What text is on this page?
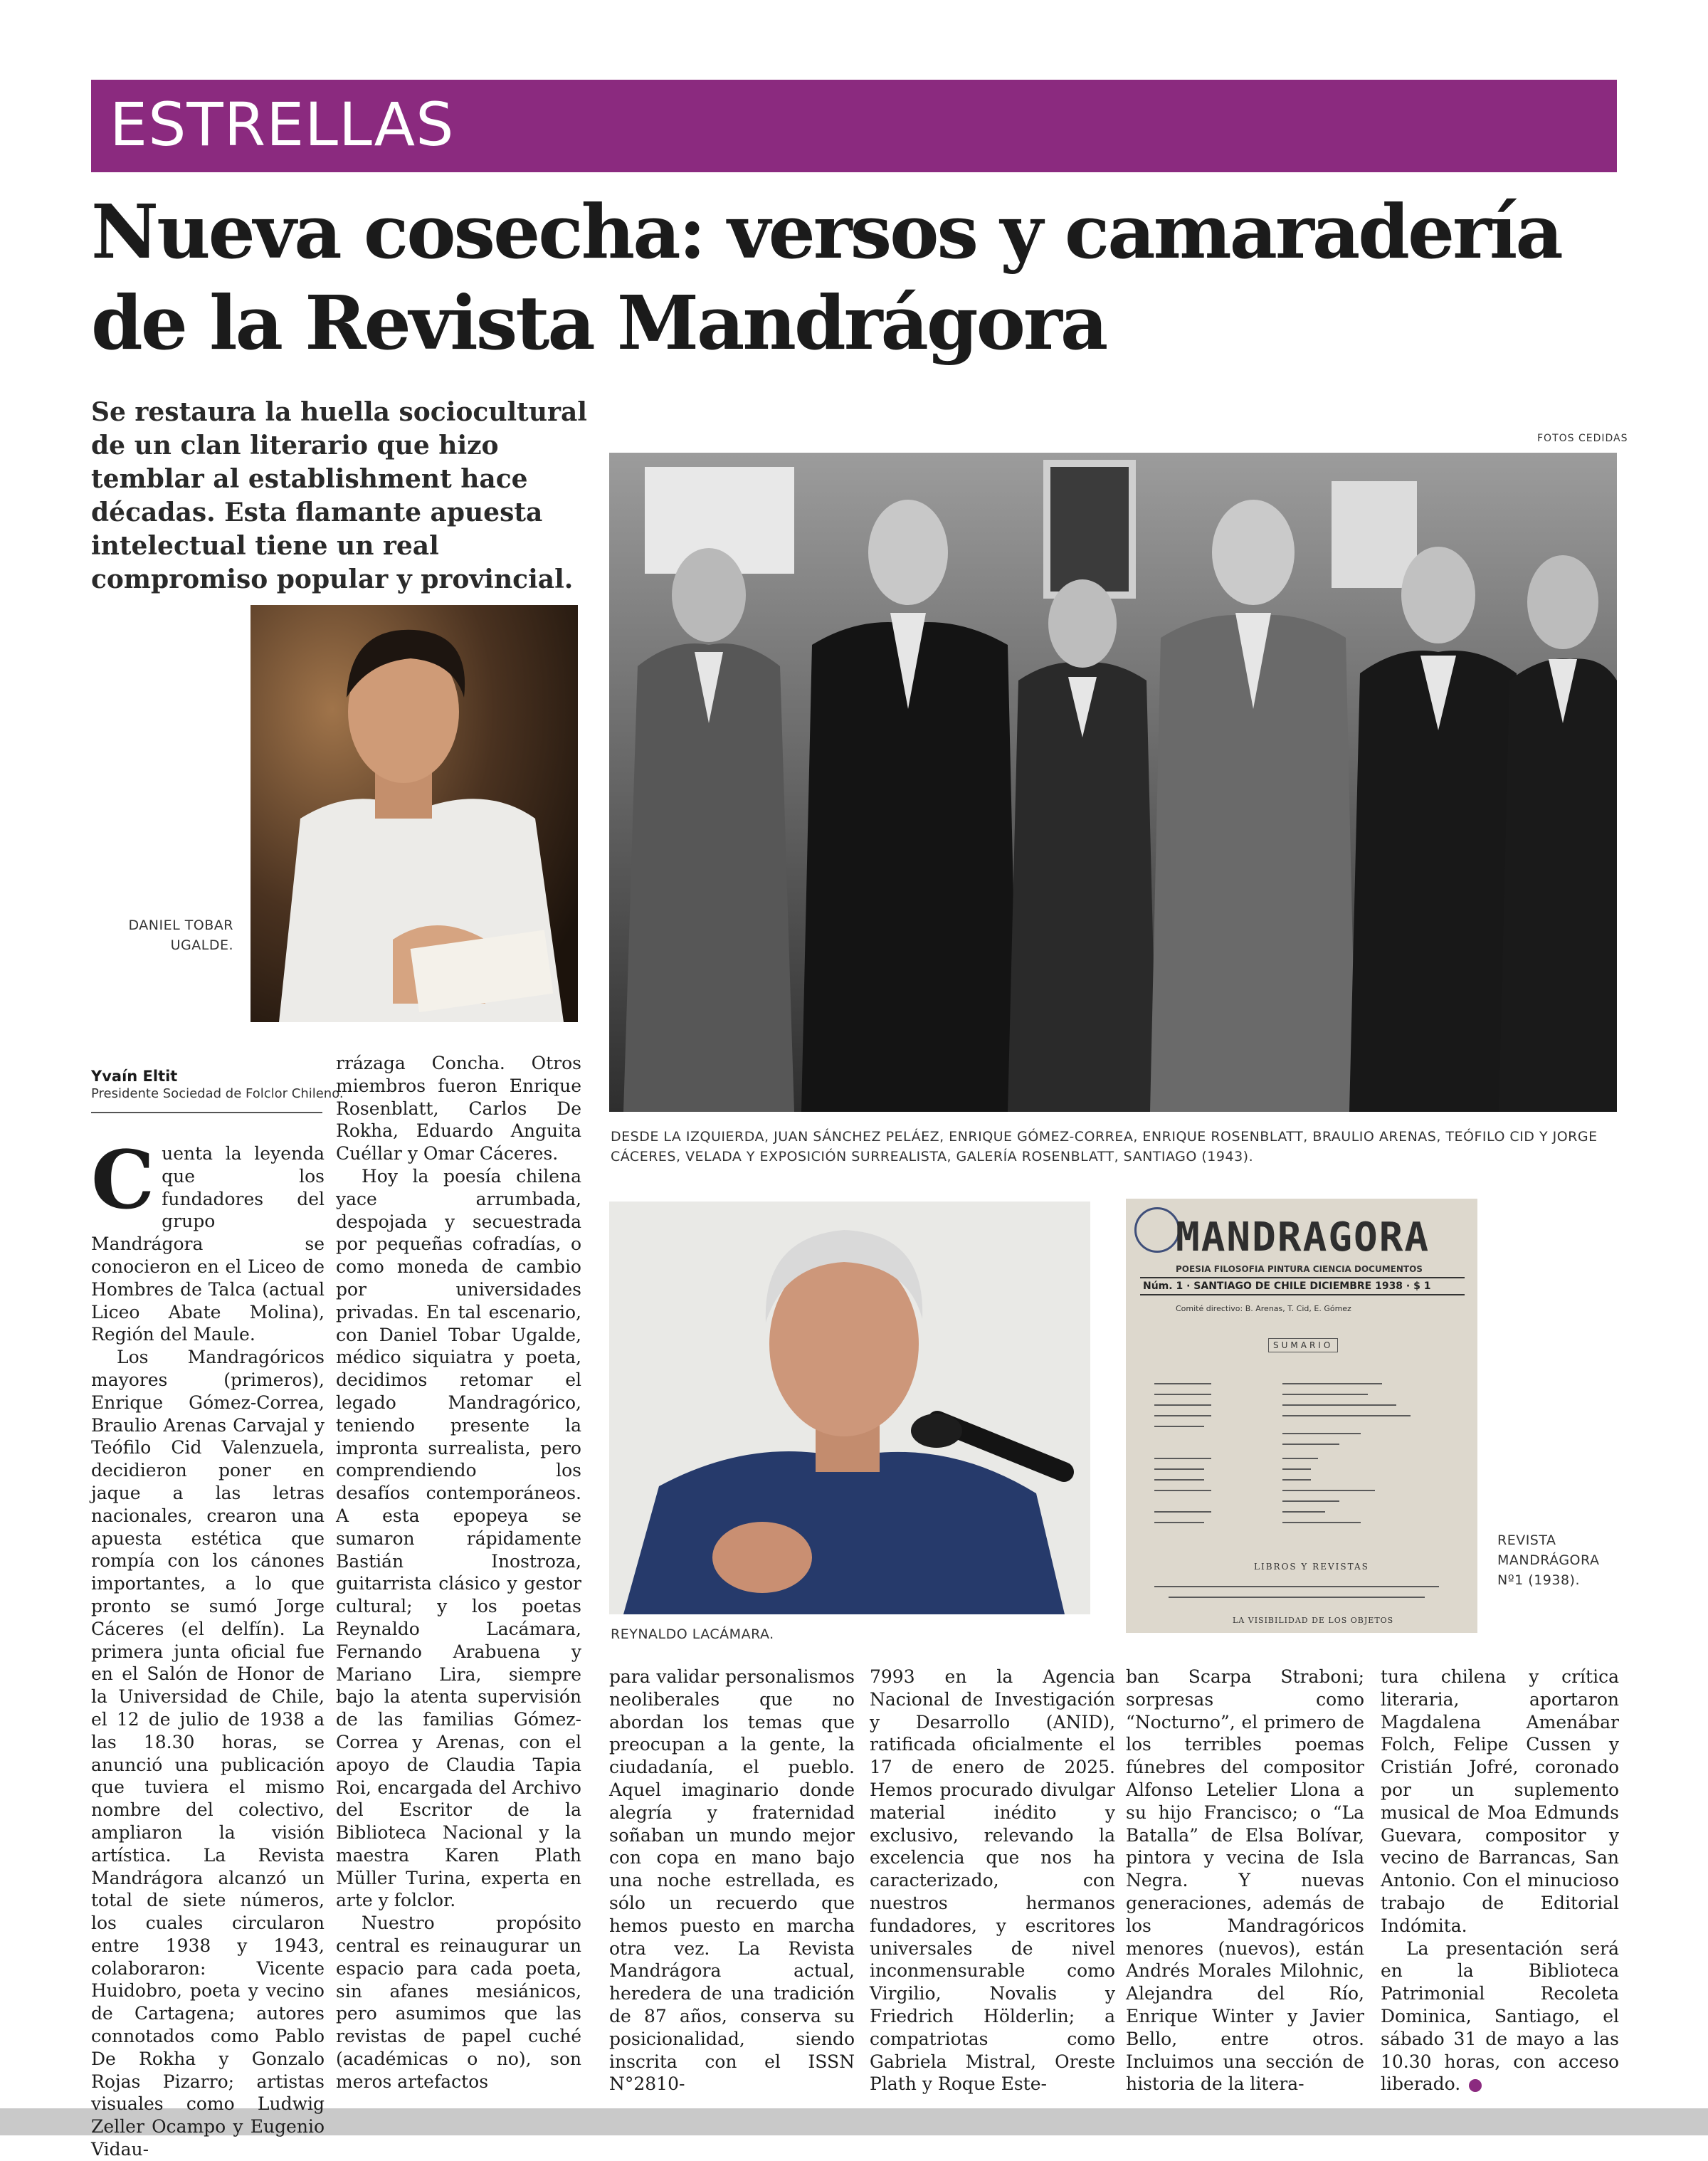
ESTRELLAS
Nueva cosecha: versos y camaradería
de la Revista Mandrágora

Se restaura la huella sociocultural de un clan literario que hizo temblar al establishment hace décadas. Esta flamante apuesta intelectual tiene un real compromiso popular y provincial.

FOTOS CEDIDAS
DANIEL TOBAR
UGALDE.
DESDE LA IZQUIERDA, JUAN SÁNCHEZ PELÁEZ, ENRIQUE GÓMEZ-CORREA, ENRIQUE ROSENBLATT, BRAULIO ARENAS, TEÓFILO CID Y JORGE
CÁCERES, VELADA Y EXPOSICIÓN SURREALISTA, GALERÍA ROSENBLATT, SANTIAGO (1943).
REYNALDO LACÁMARA.
MANDRAGORA
POESIA FILOSOFIA PINTURA CIENCIA DOCUMENTOS
Núm. 1 · SANTIAGO DE CHILE DICIEMBRE 1938 · $ 1
Comité directivo: B. Arenas, T. Cid, E. Gómez
SUMARIO
LIBROS Y REVISTAS
LA VISIBILIDAD DE LOS OBJETOS
REVISTA
MANDRÁGORA
Nº1 (1938).
Yvaín Eltit
Presidente Sociedad de Folclor Chileno.

Cuenta la leyenda que los fundadores del grupo Mandrágora se conocieron en el Liceo de Hombres de Talca (actual Liceo Abate Molina), Región del Maule.

Los Mandragóricos mayores (primeros), Enrique Gómez-Correa, Braulio Arenas Carvajal y Teófilo Cid Valenzuela, decidieron poner en jaque a las letras nacionales, crearon una apuesta estética que rompía con los cánones importantes, a lo que pronto se sumó Jorge Cáceres (el delfín). La primera junta oficial fue en el Salón de Honor de la Universidad de Chile, el 12 de julio de 1938 a las 18.30 horas, se anunció una publicación que tuviera el mismo nombre del colectivo, ampliaron la visión artística. La Revista Mandrágora alcanzó un total de siete números, los cuales circularon entre 1938 y 1943, colaboraron: Vicente Huidobro, poeta y vecino de Cartagena; autores connotados como Pablo De Rokha y Gonzalo Rojas Pizarro; artistas visuales como Ludwig Zeller Ocampo y Eugenio Vidau-

rrázaga Concha. Otros miembros fueron Enrique Rosenblatt, Carlos De Rokha, Eduardo Anguita Cuéllar y Omar Cáceres.

Hoy la poesía chilena yace arrumbada, despojada y secuestrada por pequeñas cofradías, o como moneda de cambio por universidades privadas. En tal escenario, con Daniel Tobar Ugalde, médico siquiatra y poeta, decidimos retomar el legado Mandragórico, teniendo presente la impronta surrealista, pero comprendiendo los desafíos contemporáneos. A esta epopeya se sumaron rápidamente Bastián Inostroza, guitarrista clásico y gestor cultural; y los poetas Reynaldo Lacámara, Fernando Arabuena y Mariano Lira, siempre bajo la atenta supervisión de las familias Gómez-Correa y Arenas, con el apoyo de Claudia Tapia Roi, encargada del Archivo del Escritor de la Biblioteca Nacional y la maestra Karen Plath Müller Turina, experta en arte y folclor.

Nuestro propósito central es reinaugurar un espacio para cada poeta, sin afanes mesiánicos, pero asumimos que las revistas de papel cuché (académicas o no), son meros artefactos

para validar personalismos neoliberales que no abordan los temas que preocupan a la gente, la ciudadanía, el pueblo. Aquel imaginario donde alegría y fraternidad soñaban un mundo mejor con copa en mano bajo una noche estrellada, es sólo un recuerdo que hemos puesto en marcha otra vez. La Revista Mandrágora actual, heredera de una tradición de 87 años, conserva su posicionalidad, siendo inscrita con el ISSN N°2810-

7993 en la Agencia Nacional de Investigación y Desarrollo (ANID), ratificada oficialmente el 17 de enero de 2025. Hemos procurado divulgar material inédito y exclusivo, relevando la excelencia que nos ha caracterizado, con nuestros hermanos fundadores, y escritores universales de nivel inconmensurable como Virgilio, Novalis y Friedrich Hölderlin; a compatriotas como Gabriela Mistral, Oreste Plath y Roque Este-

ban Scarpa Straboni; sorpresas como “Nocturno”, el primero de los terribles poemas fúnebres del compositor Alfonso Letelier Llona a su hijo Francisco; o “La Batalla” de Elsa Bolívar, pintora y vecina de Isla Negra. Y nuevas generaciones, además de los Mandragóricos menores (nuevos), están Andrés Morales Milohnic, Alejandra del Río, Enrique Winter y Javier Bello, entre otros. Incluimos una sección de historia de la litera-

tura chilena y crítica literaria, aportaron Magdalena Amenábar Folch, Felipe Cussen y Cristián Jofré, coronado por un suplemento musical de Moa Edmunds Guevara, compositor y vecino de Barrancas, San Antonio. Con el minucioso trabajo de Editorial Indómita.

La presentación será en la Biblioteca Patrimonial Recoleta Dominica, Santiago, el sábado 31 de mayo a las 10.30 horas, con acceso liberado.	✪
